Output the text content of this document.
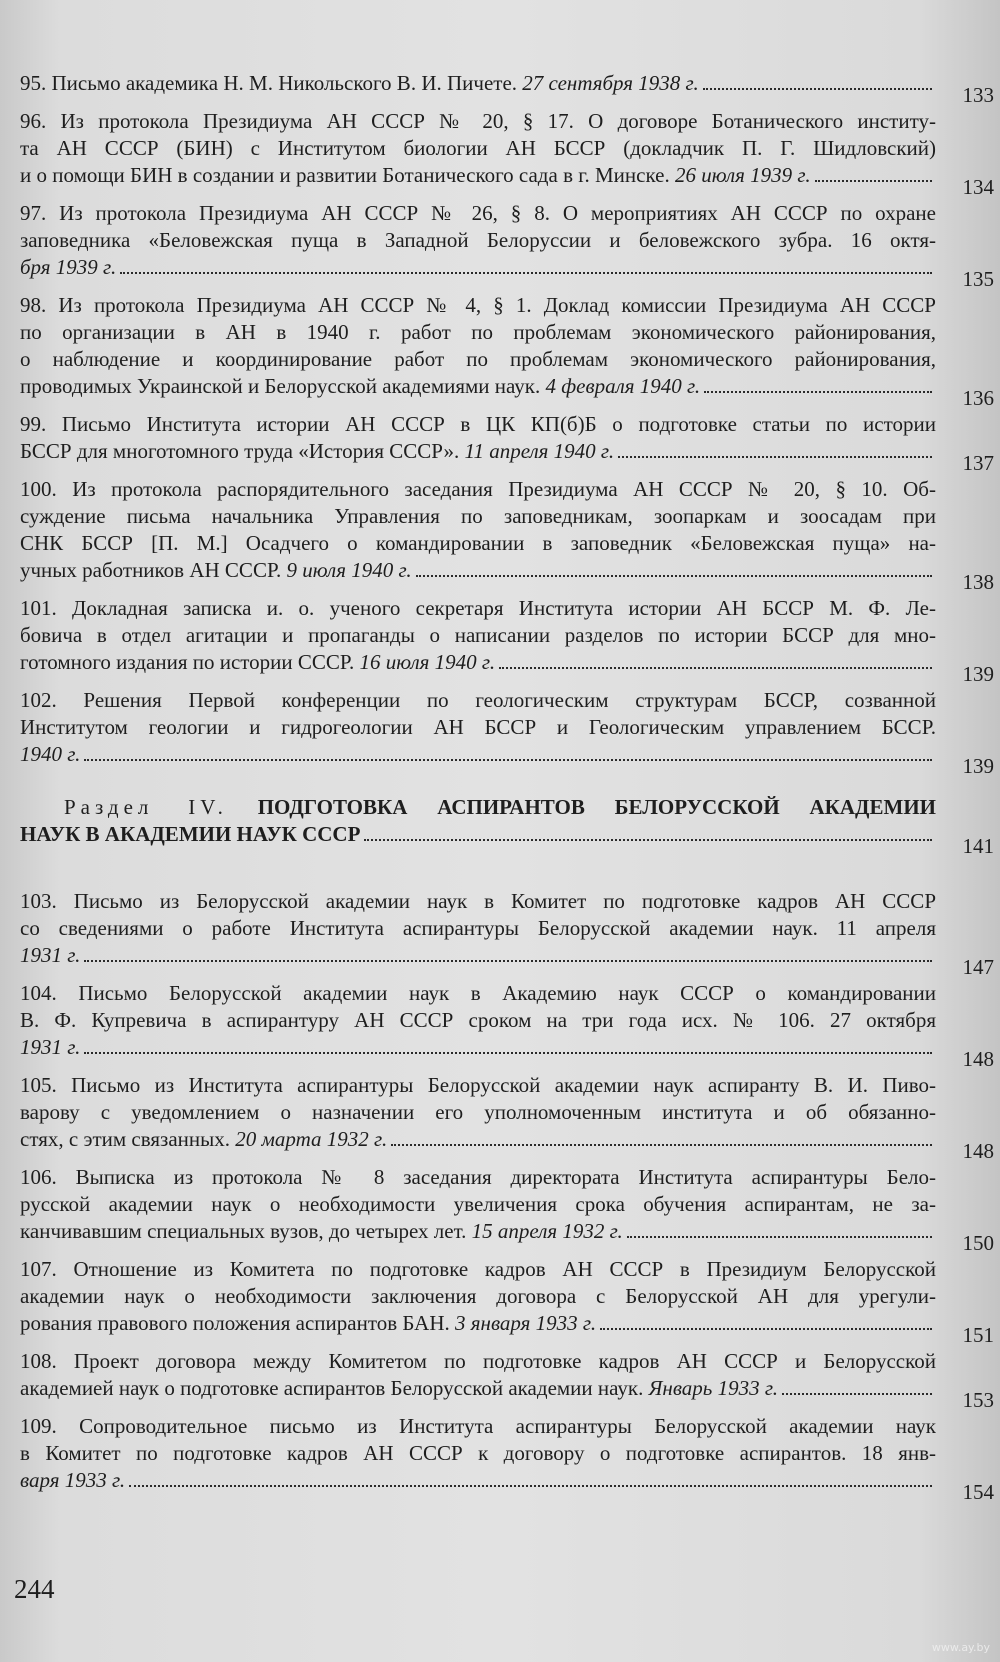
95. Письмо академика Н. М. Никольского В. И. Пичете.
27 сентября 1938 г.	133

96. Из протокола Президиума АН СССР № 20, § 17. О договоре Ботанического институ-

та АН СССР (БИН) с Институтом биологии АН БССР (докладчик П. Г. Шидловский)

и о помощи БИН в создании и развитии Ботанического сада в г. Минске.
26 июля 1939 г.	134

97. Из протокола Президиума АН СССР № 26, § 8. О мероприятиях АН СССР по охране

заповедника «Беловежская пуща в Западной Белоруссии и беловежского зубра. 16 октя-

бря 1939 г.	135

98. Из протокола Президиума АН СССР № 4, § 1. Доклад комиссии Президиума АН СССР

по организации в АН в 1940 г. работ по проблемам экономического районирования,

о наблюдение и координирование работ по проблемам экономического районирования,

проводимых Украинской и Белорусской академиями наук.
4 февраля 1940 г.	136

99. Письмо Института истории АН СССР в ЦК КП(б)Б о подготовке статьи по истории

БССР для многотомного труда «История СССР».
11 апреля 1940 г.	137

100. Из протокола распорядительного заседания Президиума АН СССР № 20, § 10. Об-

суждение письма начальника Управления по заповедникам, зоопаркам и зоосадам при

СНК БССР [П. М.] Осадчего о командировании в заповедник «Беловежская пуща» на-

учных работников АН СССР.
9 июля 1940 г.	138

101. Докладная записка и. о. ученого секретаря Института истории АН БССР М. Ф. Ле-

бовича в отдел агитации и пропаганды о написании разделов по истории БССР для мно-

готомного издания по истории СССР.
16 июля 1940 г.	139

102. Решения Первой конференции по геологическим структурам БССР, созванной

Институтом геологии и гидрогеологии АН БССР и Геологическим управлением БССР.

1940 г.	139
Раздел IV. ПОДГОТОВКА АСПИРАНТОВ БЕЛОРУССКОЙ АКАДЕМИИ
НАУК В АКАДЕМИИ НАУК СССР	141

103. Письмо из Белорусской академии наук в Комитет по подготовке кадров АН СССР

со сведениями о работе Института аспирантуры Белорусской академии наук. 11 апреля

1931 г.	147

104. Письмо Белорусской академии наук в Академию наук СССР о командировании

В. Ф. Купревича в аспирантуру АН СССР сроком на три года исх. № 106. 27 октября

1931 г.	148

105. Письмо из Института аспирантуры Белорусской академии наук аспиранту В. И. Пиво-

варову с уведомлением о назначении его уполномоченным института и об обязанно-

стях, с этим связанных.
20 марта 1932 г.	148

106. Выписка из протокола № 8 заседания директората Института аспирантуры Бело-

русской академии наук о необходимости увеличения срока обучения аспирантам, не за-

канчивавшим специальных вузов, до четырех лет.
15 апреля 1932 г.	150

107. Отношение из Комитета по подготовке кадров АН СССР в Президиум Белорусской

академии наук о необходимости заключения договора с Белорусской АН для урегули-

рования правового положения аспирантов БАН.
3 января 1933 г.	151

108. Проект договора между Комитетом по подготовке кадров АН СССР и Белорусской

академией наук о подготовке аспирантов Белорусской академии наук.
Январь 1933 г.	153

109. Сопроводительное письмо из Института аспирантуры Белорусской академии наук

в Комитет по подготовке кадров АН СССР к договору о подготовке аспирантов. 18 янв-

варя 1933 г.	154
244
www.ay.by
